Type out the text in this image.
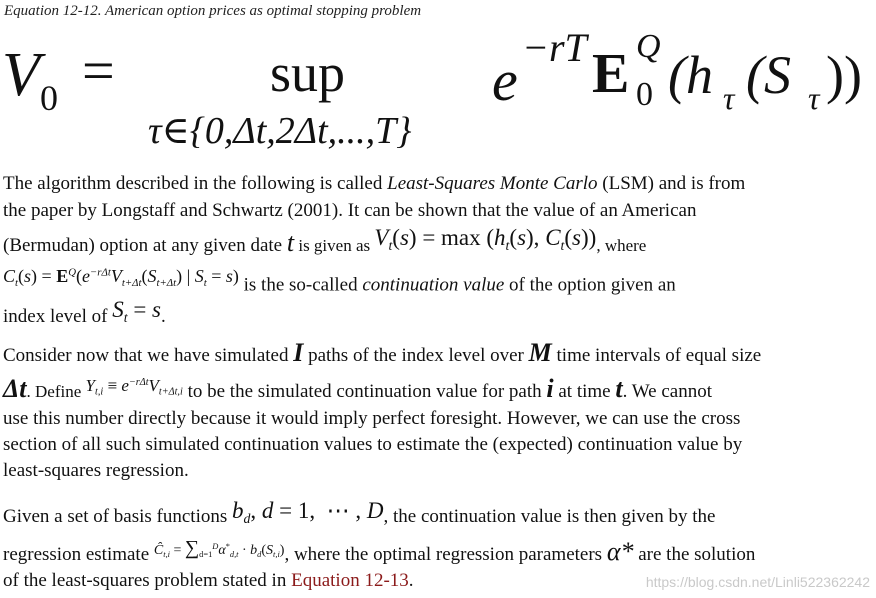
Equation 12-12. American option prices as optimal stopping problem
V 0 =	sup
τ∈{0,Δt,2Δt,...,T}
e
−rT E Q
0 (h τ (S τ ))
The algorithm described in the following is called Least-Squares Monte Carlo (LSM) and is from
the paper by Longstaff and Schwartz (2001). It can be shown that the value of an American
(Bermudan) option at any given date t is given as $V_t(s) = \max (h_t(s)$, $C_t(s)$), where
$C_t(s) = E^Q(e^{-r\Delta t}V_{t+\Delta t}(S_{t+\Delta t})$ | $S_t = s$) is the so-called continuation value of the option given an
index level of $S_t = s$.
Consider now that we have simulated I paths of the index level over M time intervals of equal size
Δt. Define $Y_{t,i} \equiv e^{-r\Delta t}V_{t+\Delta t,i}$ to be the simulated continuation value for path i at time t. We cannot
use this number directly because it would imply perfect foresight. However, we can use the cross
section of all such simulated continuation values to estimate the (expected) continuation value by
least-squares regression.
Given a set of basis functions $b_d$, d = 1,  ⋯ , D, the continuation value is then given by the
regression estimate $^{Ĉ_{t,i} = \sum_{d=1}^D\alpha^*_{d,t} \cdot b_d(S_{t,i})}$, where the optimal regression parameters α* are the solution
of the least-squares problem stated in Equation 12-13.	https://blog.csdn.net/Linli522362242
